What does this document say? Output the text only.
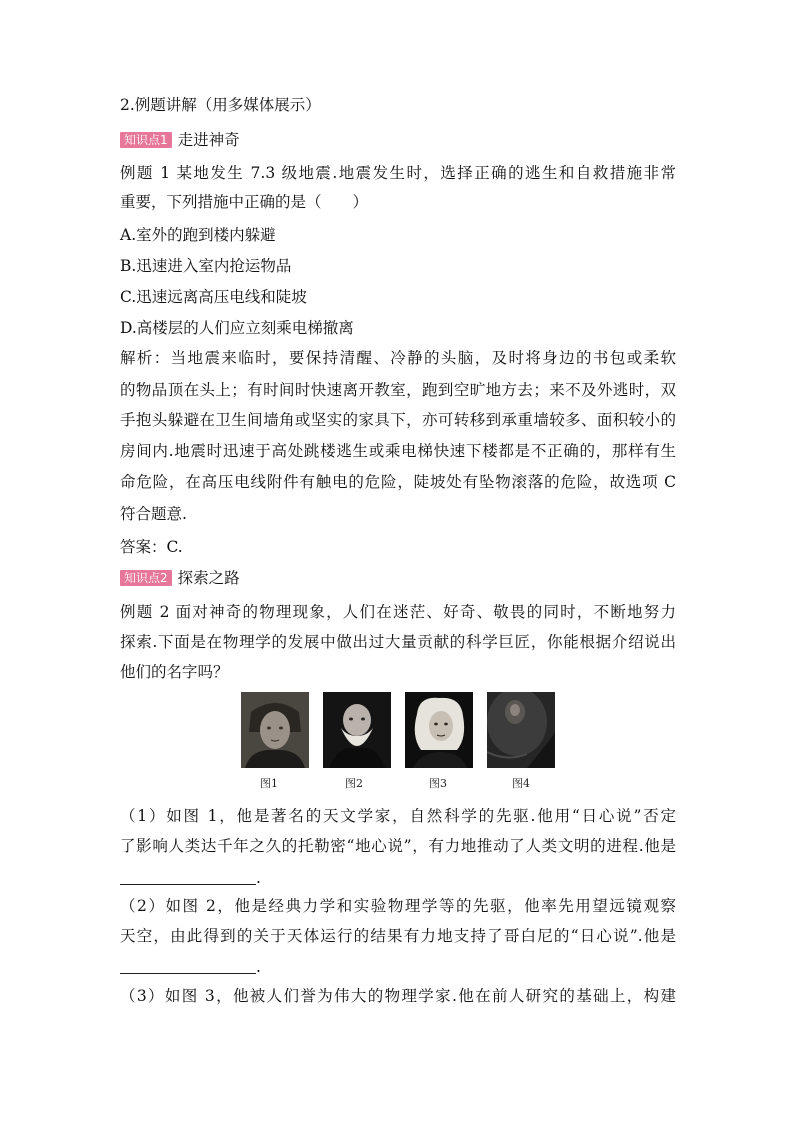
2.例题讲解（用多媒体展示）
知识点1 走进神奇
例题 1 某地发生 7.3 级地震.地震发生时，选择正确的逃生和自救措施非常
重要，下列措施中正确的是（　　）
A.室外的跑到楼内躲避
B.迅速进入室内抢运物品
C.迅速远离高压电线和陡坡
D.高楼层的人们应立刻乘电梯撤离
解析：当地震来临时，要保持清醒、冷静的头脑，及时将身边的书包或柔软
的物品顶在头上；有时间时快速离开教室，跑到空旷地方去；来不及外逃时，双
手抱头躲避在卫生间墙角或坚实的家具下，亦可转移到承重墙较多、面积较小的
房间内.地震时迅速于高处跳楼逃生或乘电梯快速下楼都是不正确的，那样有生
命危险，在高压电线附件有触电的危险，陡坡处有坠物滚落的危险，故选项 C
符合题意.
答案：C.
知识点2 探索之路
例题 2 面对神奇的物理现象，人们在迷茫、好奇、敬畏的同时，不断地努力
探索.下面是在物理学的发展中做出过大量贡献的科学巨匠，你能根据介绍说出
他们的名字吗？
图1	图2	图3	图4
（1）如图 1，他是著名的天文学家，自然科学的先驱.他用“日心说”否定
了影响人类达千年之久的托勒密“地心说”，有力地推动了人类文明的进程.他是
.
（2）如图 2，他是经典力学和实验物理学等的先驱，他率先用望远镜观察
天空，由此得到的关于天体运行的结果有力地支持了哥白尼的“日心说”.他是
.
（3）如图 3，他被人们誉为伟大的物理学家.他在前人研究的基础上，构建
